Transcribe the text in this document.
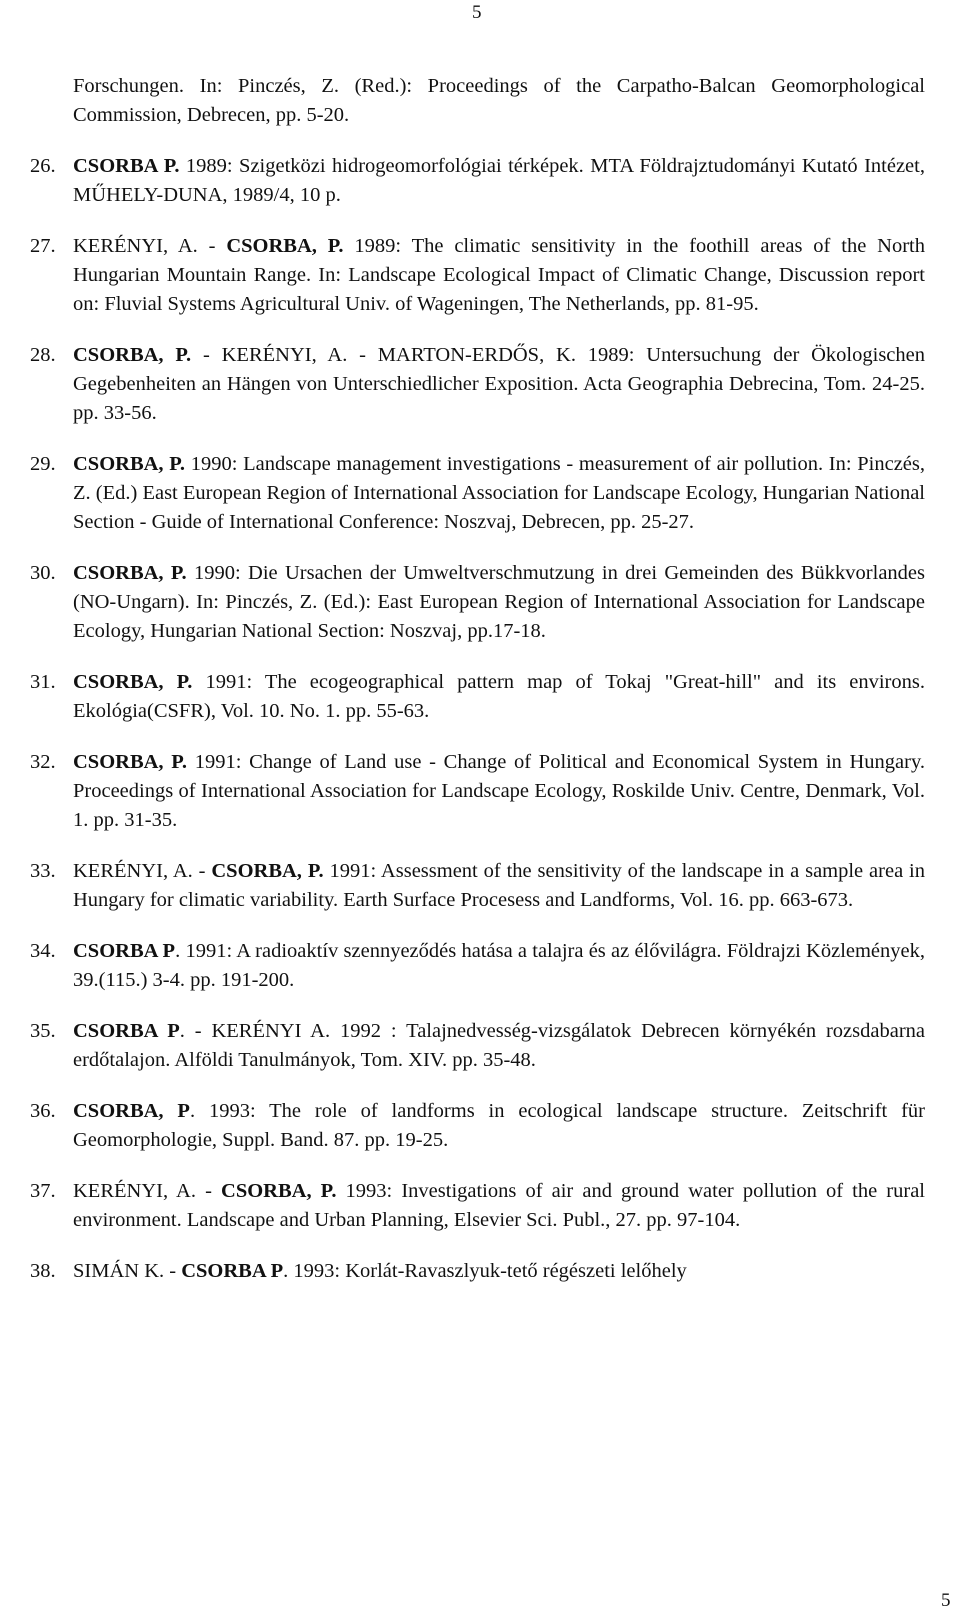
5
Forschungen. In: Pinczés, Z. (Red.): Proceedings of the Carpatho-Balcan Geomorphological Commission, Debrecen, pp. 5-20.
26. CSORBA P. 1989: Szigetközi hidrogeomorfológiai térképek. MTA Földrajztudományi Kutató Intézet, MŰHELY-DUNA, 1989/4, 10 p.
27. KERÉNYI, A. - CSORBA, P. 1989: The climatic sensitivity in the foothill areas of the North Hungarian Mountain Range. In: Landscape Ecological Impact of Climatic Change, Discussion report on: Fluvial Systems Agricultural Univ. of Wageningen, The Netherlands, pp. 81-95.
28. CSORBA, P. - KERÉNYI, A. - MARTON-ERDŐS, K. 1989: Untersuchung der Ökologischen Gegebenheiten an Hängen von Unterschiedlicher Exposition. Acta Geographia Debrecina, Tom. 24-25. pp. 33-56.
29. CSORBA, P. 1990: Landscape management investigations - measurement of air pollution. In: Pinczés, Z. (Ed.) East European Region of International Association for Landscape Ecology, Hungarian National Section - Guide of International Conference: Noszvaj, Debrecen, pp. 25-27.
30. CSORBA, P. 1990: Die Ursachen der Umweltverschmutzung in drei Gemeinden des Bükkvorlandes (NO-Ungarn). In: Pinczés, Z. (Ed.): East European Region of International Association for Landscape Ecology, Hungarian National Section: Noszvaj, pp.17-18.
31. CSORBA, P. 1991: The ecogeographical pattern map of Tokaj "Great-hill" and its environs. Ekológia(CSFR), Vol. 10. No. 1. pp. 55-63.
32. CSORBA, P. 1991: Change of Land use - Change of Political and Economical System in Hungary. Proceedings of International Association for Landscape Ecology, Roskilde Univ. Centre, Denmark, Vol. 1. pp. 31-35.
33. KERÉNYI, A. - CSORBA, P. 1991: Assessment of the sensitivity of the landscape in a sample area in Hungary for climatic variability. Earth Surface Procesess and Landforms, Vol. 16. pp. 663-673.
34. CSORBA P. 1991: A radioaktív szennyeződés hatása a talajra és az élővilágra. Földrajzi Közlemények, 39.(115.) 3-4. pp. 191-200.
35. CSORBA P. - KERÉNYI A. 1992 : Talajnedvesség-vizsgálatok Debrecen környékén rozsdabarna erdőtalajon. Alföldi Tanulmányok, Tom. XIV. pp. 35-48.
36. CSORBA, P. 1993: The role of landforms in ecological landscape structure. Zeitschrift für Geomorphologie, Suppl. Band. 87. pp. 19-25.
37. KERÉNYI, A. - CSORBA, P. 1993: Investigations of air and ground water pollution of the rural environment. Landscape and Urban Planning, Elsevier Sci. Publ., 27. pp. 97-104.
38. SIMÁN K. - CSORBA P. 1993: Korlát-Ravaszlyuk-tető régészeti lelőhely
5
